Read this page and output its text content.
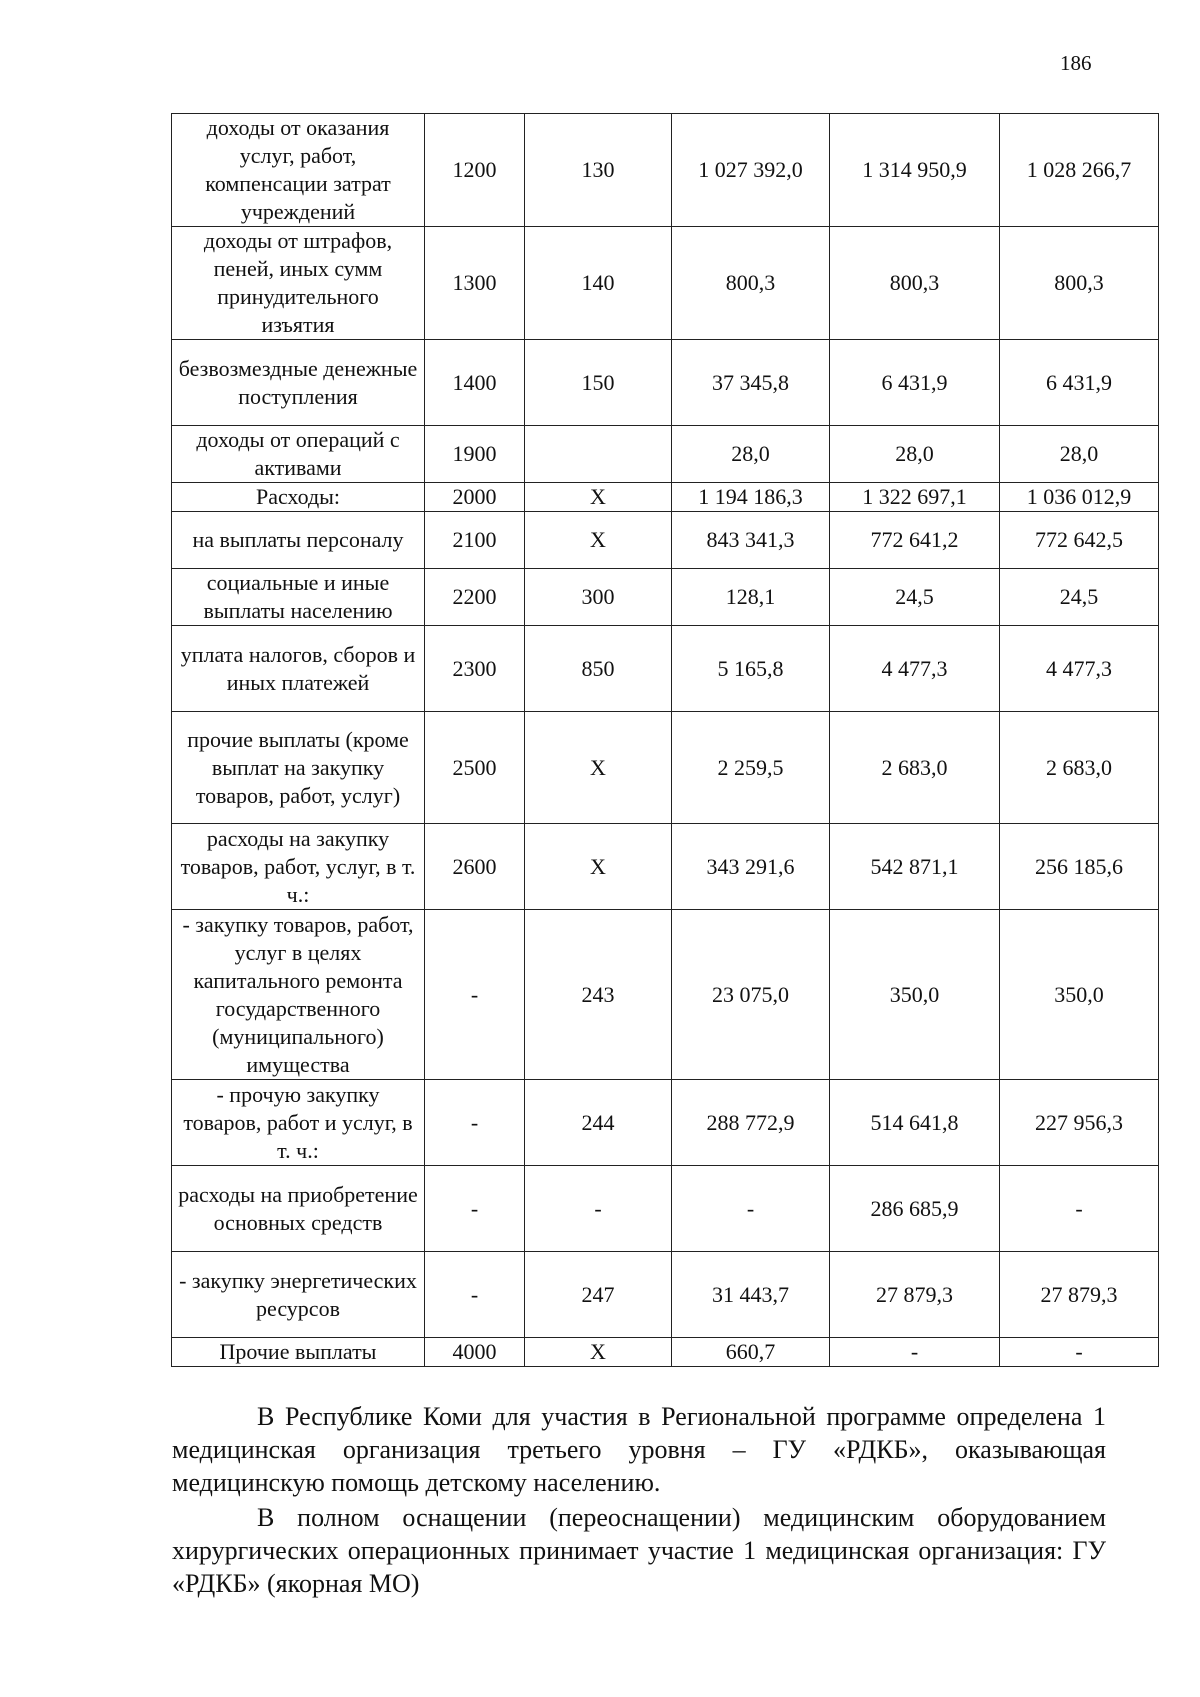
186
доходы от оказания услуг, работ, компенсации затрат учреждений	1200	130	1 027 392,0	1 314 950,9	1 028 266,7
доходы от штрафов, пеней, иных сумм принудительного изъятия	1300	140	800,3	800,3	800,3
безвозмездные денежные поступления	1400	150	37 345,8	6 431,9	6 431,9
доходы от операций с активами	1900		28,0	28,0	28,0
Расходы:	2000	X	1 194 186,3	1 322 697,1	1 036 012,9
на выплаты персоналу	2100	X	843 341,3	772 641,2	772 642,5
социальные и иные выплаты населению	2200	300	128,1	24,5	24,5
уплата налогов, сборов и иных платежей	2300	850	5 165,8	4 477,3	4 477,3
прочие выплаты (кроме выплат на закупку товаров, работ, услуг)	2500	X	2 259,5	2 683,0	2 683,0
расходы на закупку товаров, работ, услуг, в т. ч.:	2600	X	343 291,6	542 871,1	256 185,6
- закупку товаров, работ, услуг в целях капитального ремонта государственного (муниципального) имущества	-	243	23 075,0	350,0	350,0
- прочую закупку товаров, работ и услуг, в т. ч.:	-	244	288 772,9	514 641,8	227 956,3
расходы на приобретение основных средств	-	-	-	286 685,9	-
- закупку энергетических ресурсов	-	247	31 443,7	27 879,3	27 879,3
Прочие выплаты	4000	X	660,7	-	-

В Республике Коми для участия в Региональной программе определена 1 медицинская организация третьего уровня – ГУ «РДКБ», оказывающая медицинскую помощь детскому населению.

В полном оснащении (переоснащении) медицинским оборудованием хирургических операционных принимает участие 1 медицинская организация: ГУ «РДКБ» (якорная МО)
